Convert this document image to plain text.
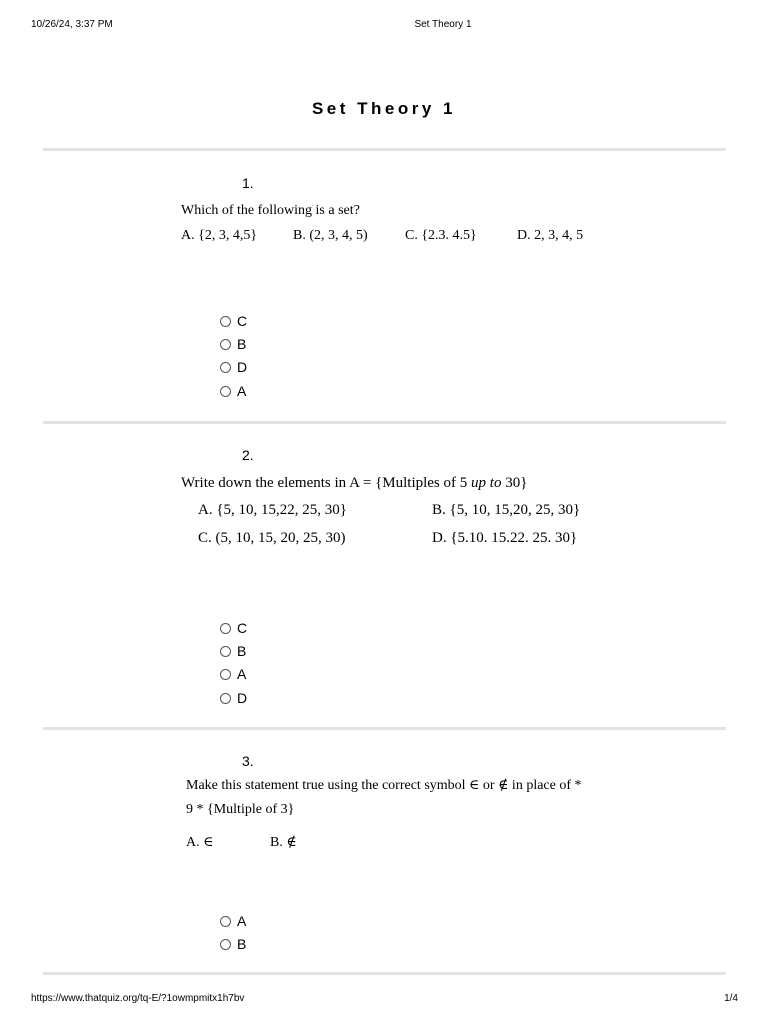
10/26/24, 3:37 PM	Set Theory 1
Set Theory 1
1.
Which of the following is a set?
A. {2, 3, 4,5}	B. (2, 3, 4, 5)	C. {2.3. 4.5}	D. 2, 3, 4, 5
C
B
D
A
2.
Write down the elements in A = {Multiples of 5 up to 30}
A. {5, 10, 15,22, 25, 30}	B. {5, 10, 15,20, 25, 30}
C. (5, 10, 15, 20, 25, 30)	D. {5.10. 15.22. 25. 30}
C
B
A
D
3.
Make this statement true using the correct symbol ∈ or ∉ in place of *
9 * {Multiple of 3}
A. ∈	B. ∉
A
B
https://www.thatquiz.org/tq-E/?1owmpmitx1h7bv	1/4
